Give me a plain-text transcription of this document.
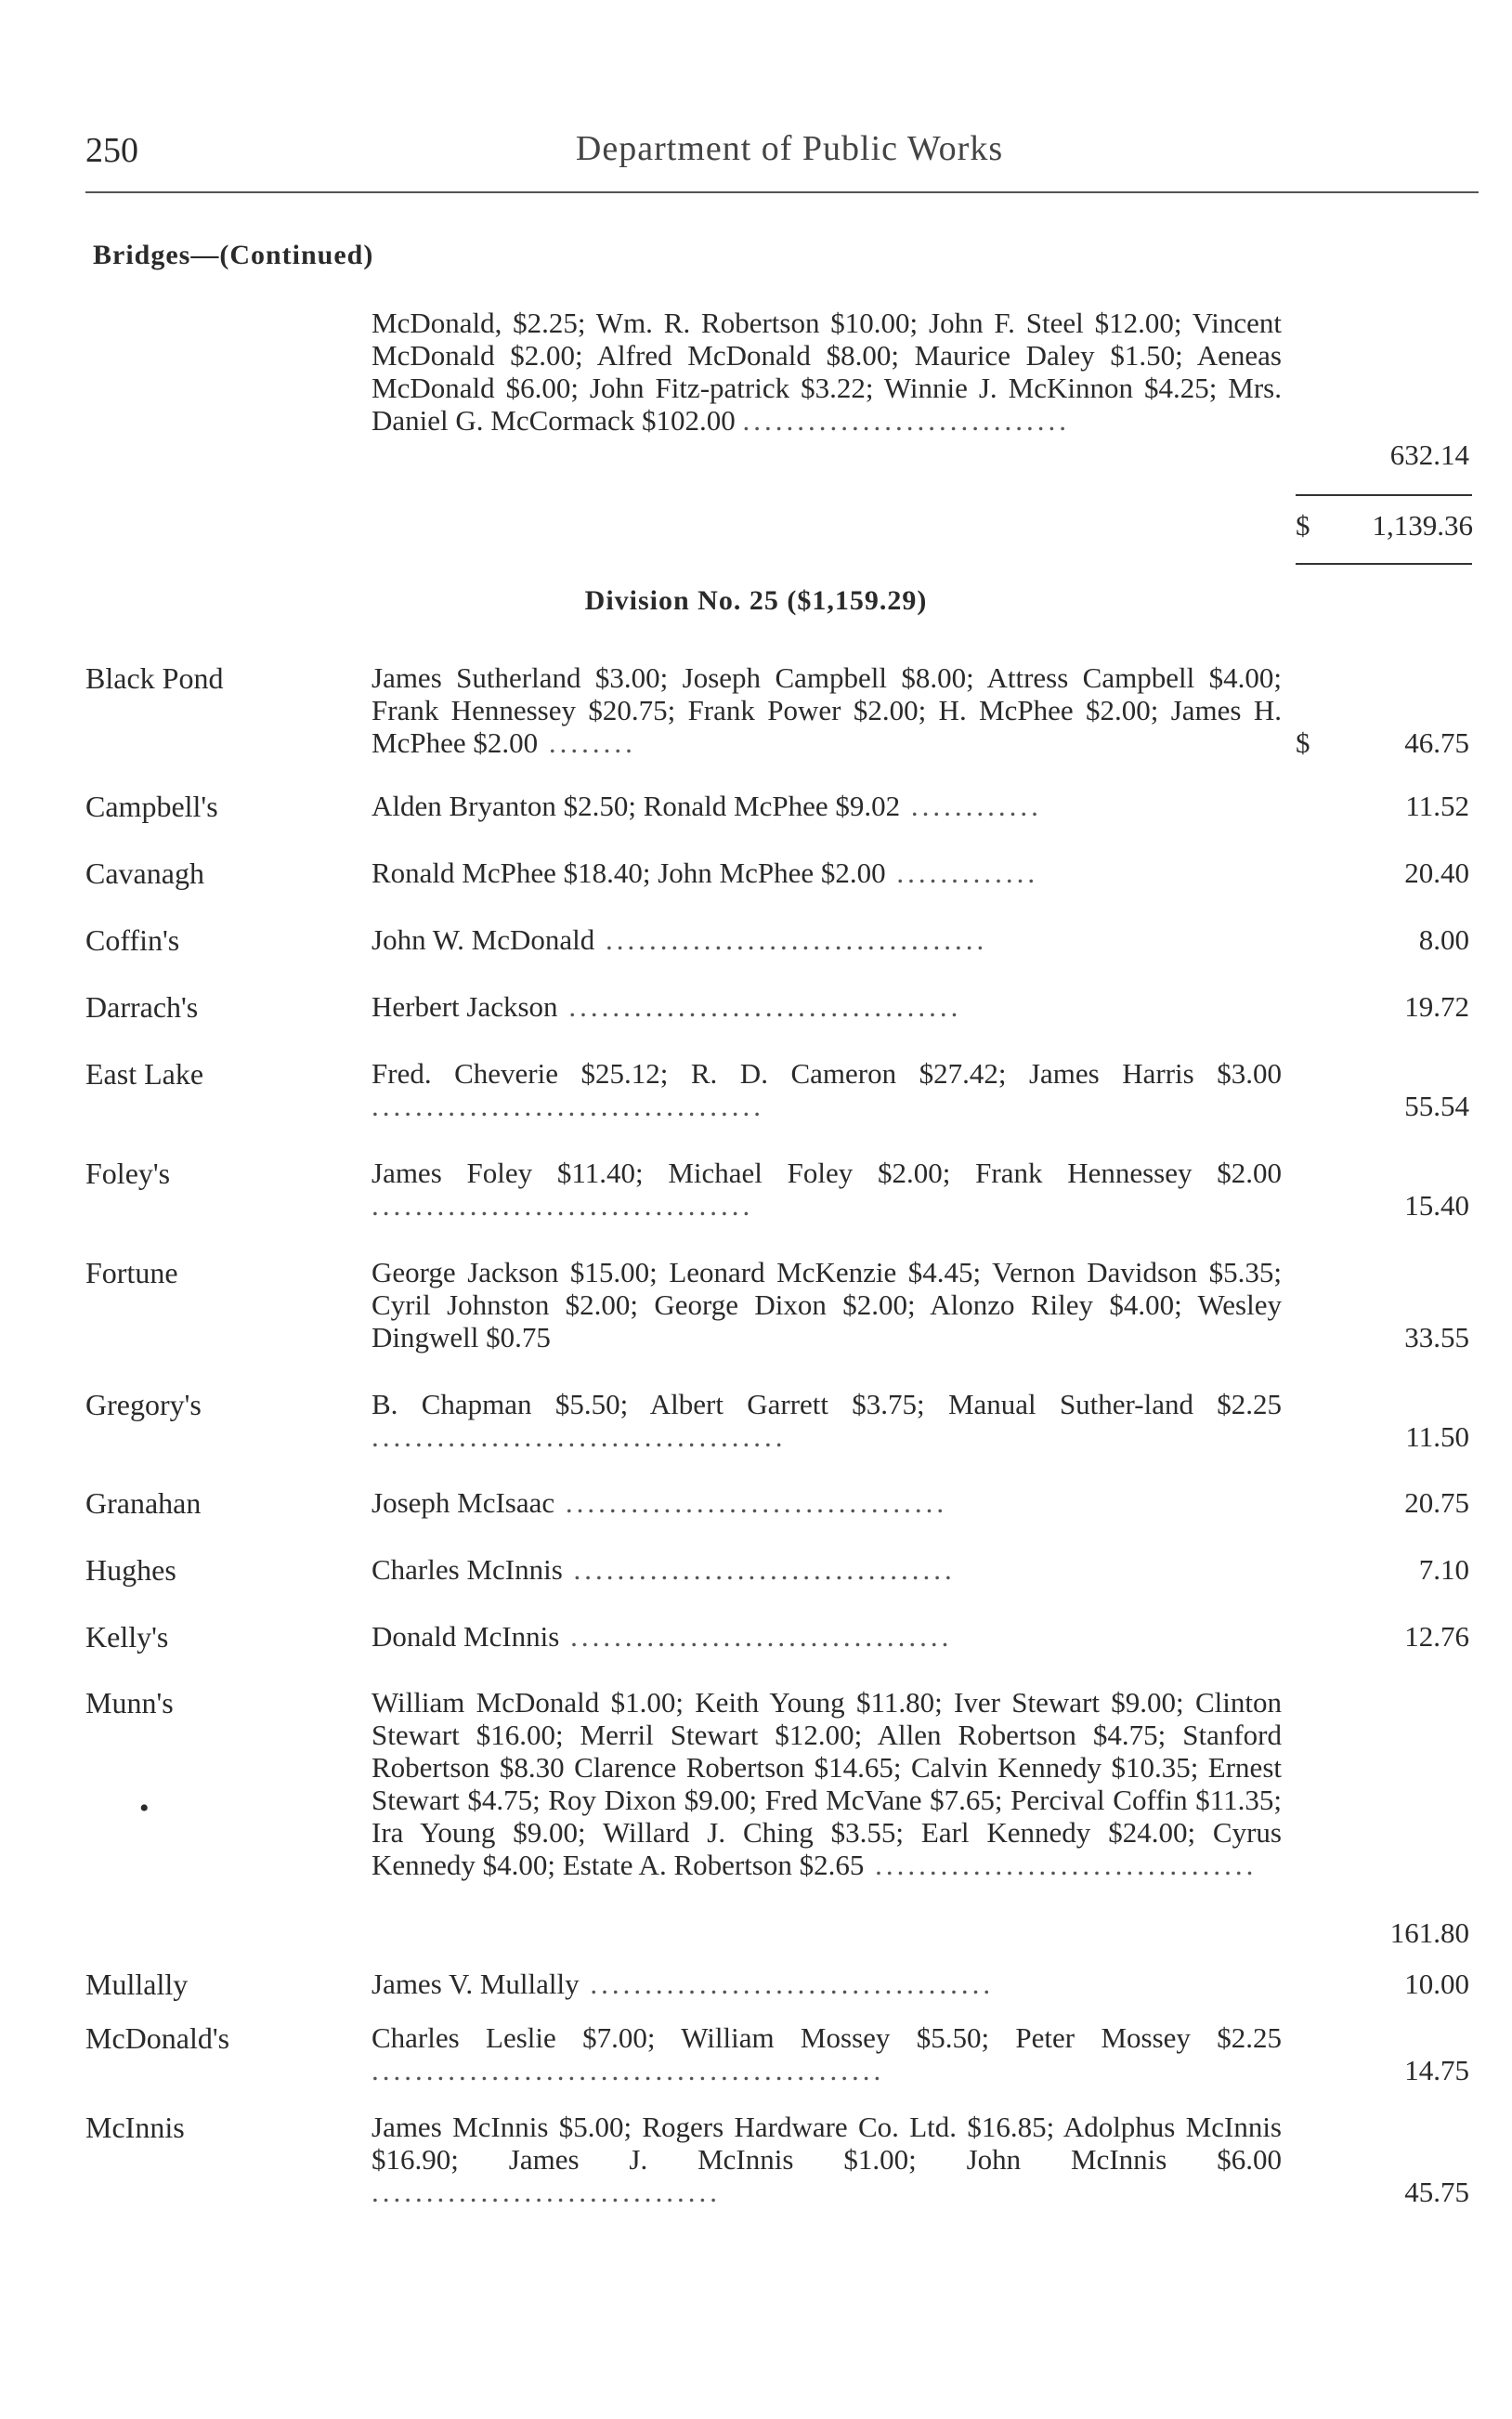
250	Department of Public Works
Bridges—(Continued)
McDonald, $2.25; Wm. R. Robertson $10.00; John F. Steel $12.00; Vincent McDonald $2.00; Alfred McDonald $8.00; Maurice Daley $1.50; Aeneas McDonald $6.00; John Fitz-patrick $3.22; Winnie J. McKinnon $4.25; Mrs. Daniel G. McCormack $102.00 ..............................
632.14
$	1,139.36
Division No. 25 ($1,159.29)
Black Pond	James Sutherland $3.00; Joseph Campbell $8.00; Attress Campbell $4.00; Frank Hennessey $20.75; Frank Power $2.00; H. McPhee $2.00; James H. McPhee $2.00 ........	$	46.75
Campbell's	Alden Bryanton $2.50; Ronald McPhee $9.02 ............	11.52
Cavanagh	Ronald McPhee $18.40; John McPhee $2.00 .............	20.40
Coffin's	John W. McDonald ...................................	8.00
Darrach's	Herbert Jackson ....................................	19.72
East Lake	Fred. Cheverie $25.12; R. D. Cameron $27.42; James Harris $3.00 ....................................	55.54
Foley's	James Foley $11.40; Michael Foley $2.00; Frank Hennessey $2.00 ...................................	15.40
Fortune	George Jackson $15.00; Leonard McKenzie $4.45; Vernon Davidson $5.35; Cyril Johnston $2.00; George Dixon $2.00; Alonzo Riley $4.00; Wesley Dingwell $0.75	33.55
Gregory's	B. Chapman $5.50; Albert Garrett $3.75; Manual Suther-land $2.25 ......................................	11.50
Granahan	Joseph McIsaac ...................................	20.75
Hughes	Charles McInnis ...................................	7.10
Kelly's	Donald McInnis ...................................	12.76
Munn's	William McDonald $1.00; Keith Young $11.80; Iver Stewart $9.00; Clinton Stewart $16.00; Merril Stewart $12.00; Allen Robertson $4.75; Stanford Robertson $8.30 Clarence Robertson $14.65; Calvin Kennedy $10.35; Ernest Stewart $4.75; Roy Dixon $9.00; Fred McVane $7.65; Percival Coffin $11.35; Ira Young $9.00; Willard J. Ching $3.55; Earl Kennedy $24.00; Cyrus Kennedy $4.00; Estate A. Robertson $2.65 ...................................
161.80
•
Mullally	James V. Mullally .....................................	10.00
McDonald's	Charles Leslie $7.00; William Mossey $5.50; Peter Mossey $2.25 ...............................................	14.75
McInnis	James McInnis $5.00; Rogers Hardware Co. Ltd. $16.85; Adolphus McInnis $16.90; James J. McInnis $1.00; John McInnis $6.00 ................................	45.75
